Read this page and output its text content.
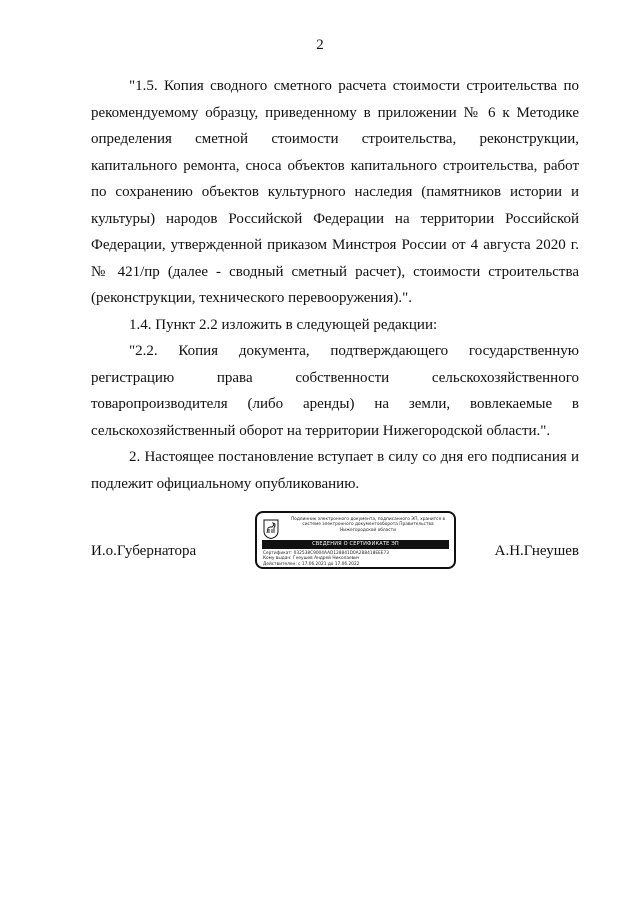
2

"1.5. Копия сводного сметного расчета стоимости строительства по рекомендуемому образцу, приведенному в приложении № 6 к Методике определения сметной стоимости строительства, реконструкции, капитального ремонта, сноса объектов капитального строительства, работ по сохранению объектов культурного наследия (памятников истории и культуры) народов Российской Федерации на территории Российской Федерации, утвержденной приказом Минстроя России от 4 августа 2020 г. № 421/пр (далее - сводный сметный расчет), стоимости строительства (реконструкции, технического перевооружения).".

1.4. Пункт 2.2 изложить в следующей редакции:

"2.2. Копия документа, подтверждающего государственную регистрацию права собственности сельскохозяйственного товаропроизводителя (либо аренды) на земли, вовлекаемые в сельскохозяйственный оборот на территории Нижегородской области.".

2. Настоящее постановление вступает в силу со дня его подписания и подлежит официальному опубликованию.

И.о.Губернатора
Подлинник электронного документа, подписанного ЭП, хранится в системе электронного документооборота Правительства Нижегородской области
СВЕДЕНИЯ О СЕРТИФИКАТЕ ЭП
Сертификат: 032538C9004AAD128841D0A2B8418EEE73
Кому выдан: Гнеушев Андрей Николаевич
Действителен: с 17.06.2021 до 17.06.2022
А.Н.Гнеушев
